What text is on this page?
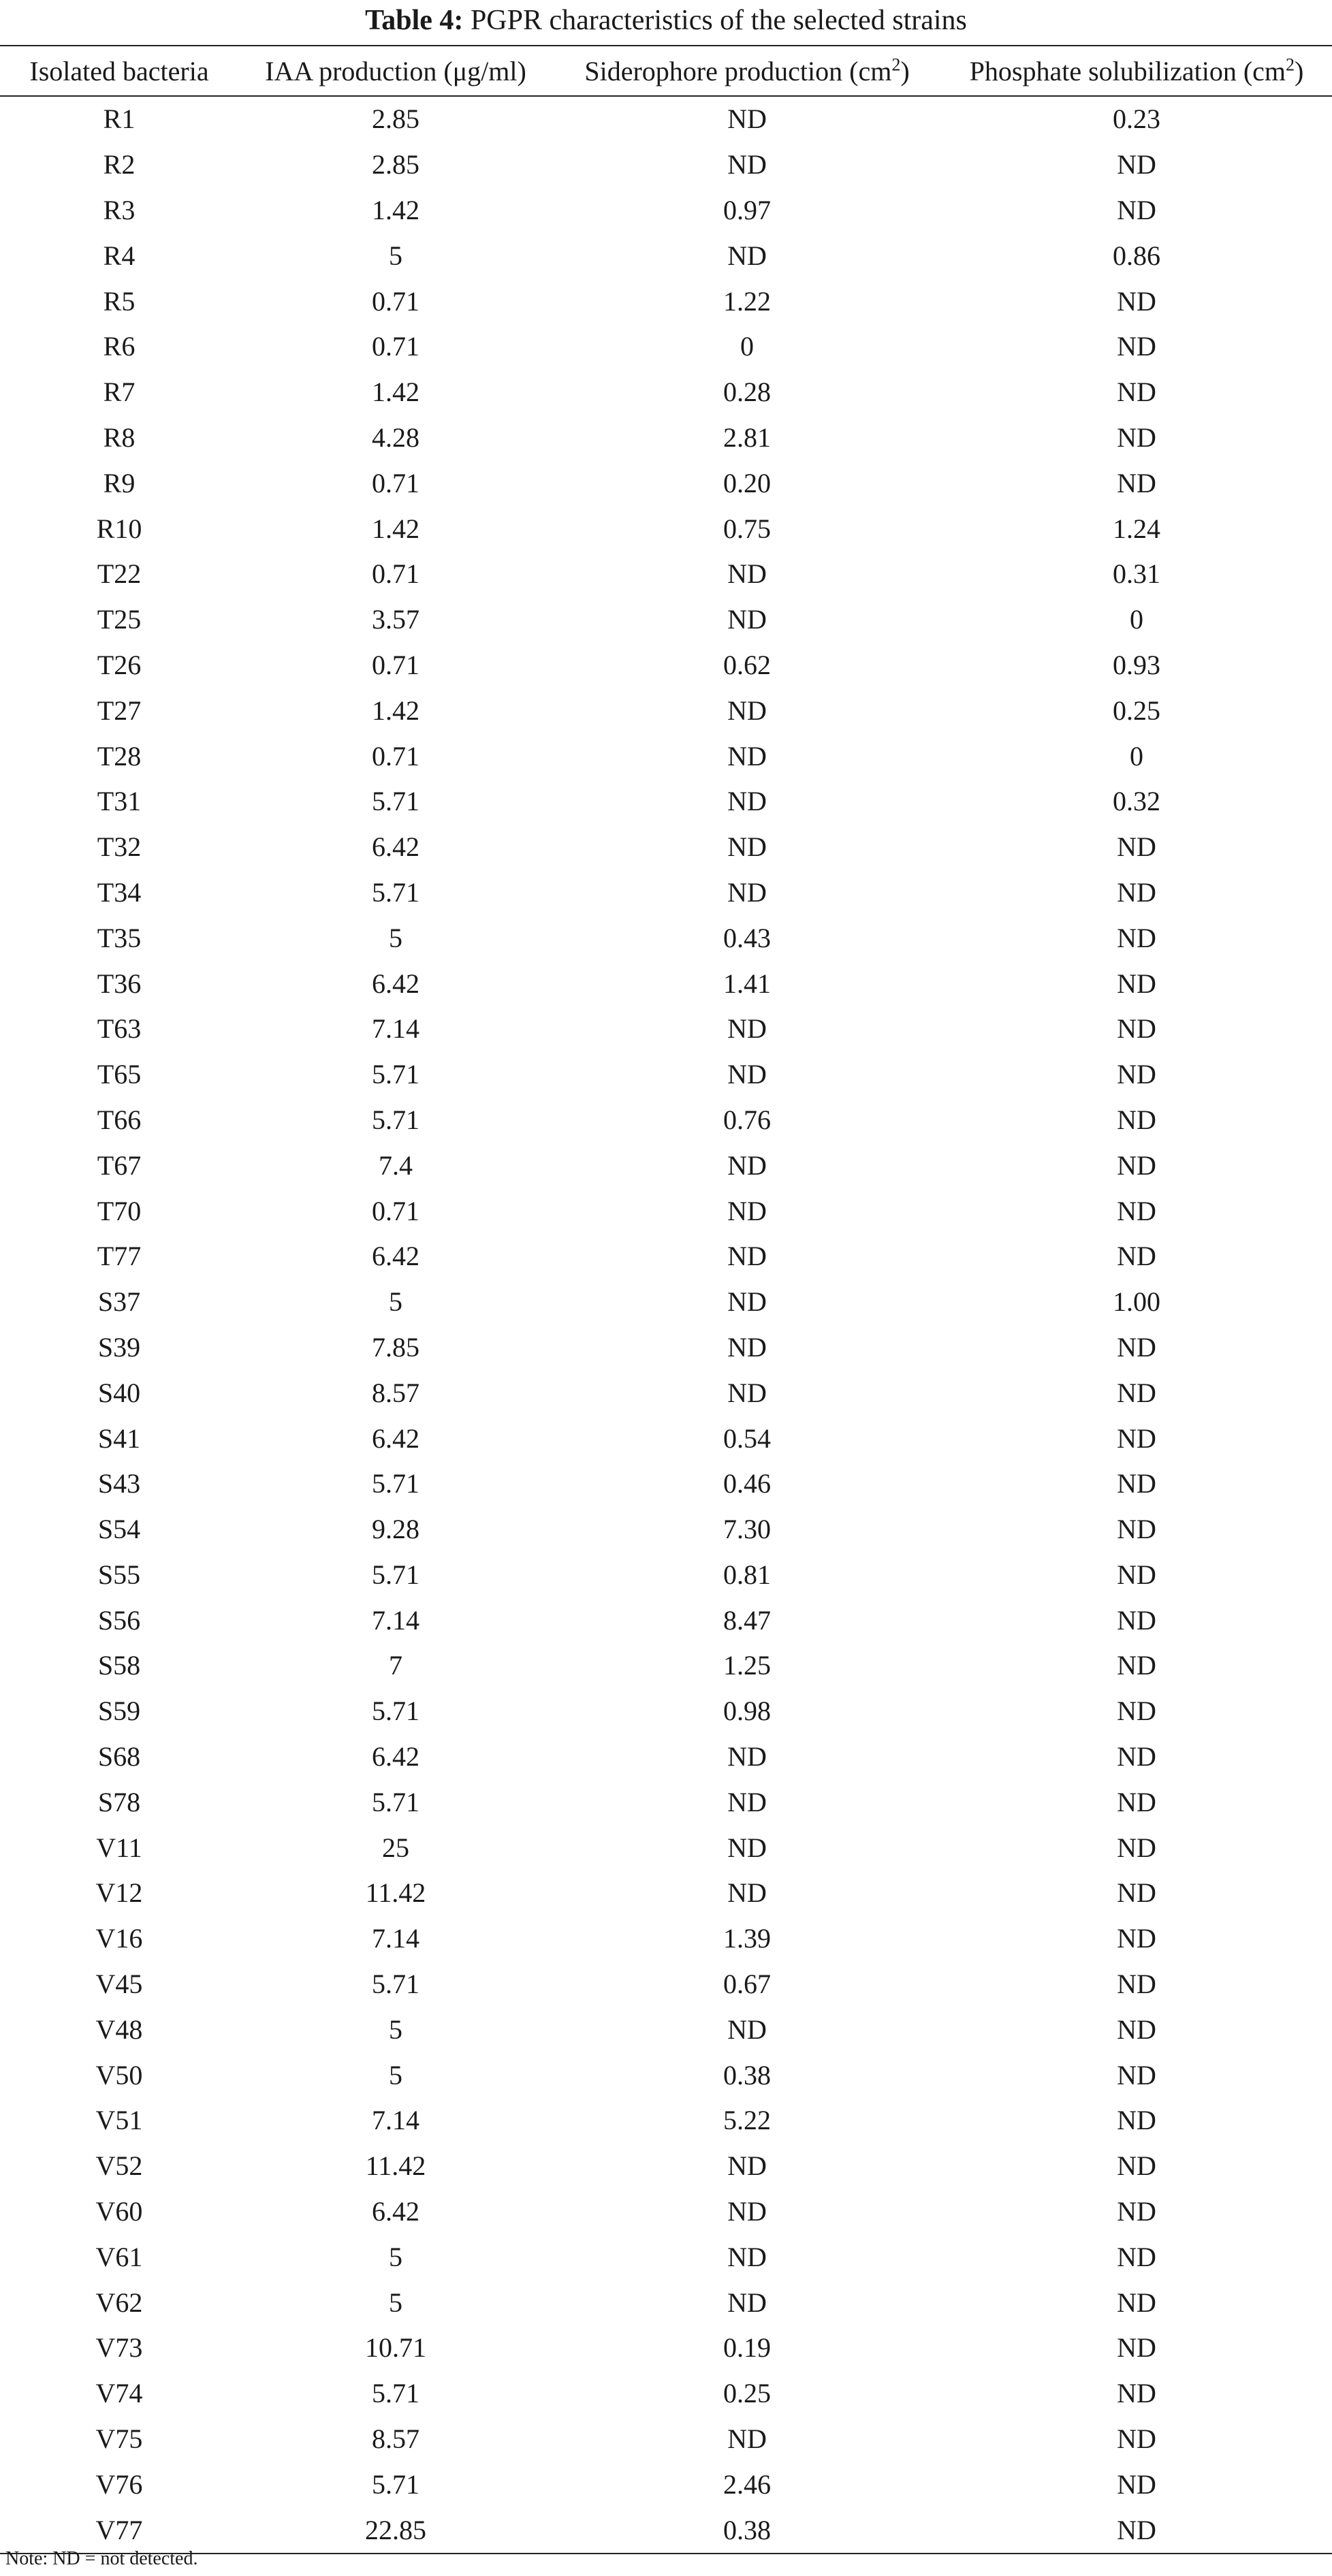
Table 4: PGPR characteristics of the selected strains
Isolated bacteria	IAA production (μg/ml)	Siderophore production $(cm^2)$	Phosphate solubilization $(cm^2)$
R1	2.85	ND	0.23
R2	2.85	ND	ND
R3	1.42	0.97	ND
R4	5	ND	0.86
R5	0.71	1.22	ND
R6	0.71	0	ND
R7	1.42	0.28	ND
R8	4.28	2.81	ND
R9	0.71	0.20	ND
R10	1.42	0.75	1.24
T22	0.71	ND	0.31
T25	3.57	ND	0
T26	0.71	0.62	0.93
T27	1.42	ND	0.25
T28	0.71	ND	0
T31	5.71	ND	0.32
T32	6.42	ND	ND
T34	5.71	ND	ND
T35	5	0.43	ND
T36	6.42	1.41	ND
T63	7.14	ND	ND
T65	5.71	ND	ND
T66	5.71	0.76	ND
T67	7.4	ND	ND
T70	0.71	ND	ND
T77	6.42	ND	ND
S37	5	ND	1.00
S39	7.85	ND	ND
S40	8.57	ND	ND
S41	6.42	0.54	ND
S43	5.71	0.46	ND
S54	9.28	7.30	ND
S55	5.71	0.81	ND
S56	7.14	8.47	ND
S58	7	1.25	ND
S59	5.71	0.98	ND
S68	6.42	ND	ND
S78	5.71	ND	ND
V11	25	ND	ND
V12	11.42	ND	ND
V16	7.14	1.39	ND
V45	5.71	0.67	ND
V48	5	ND	ND
V50	5	0.38	ND
V51	7.14	5.22	ND
V52	11.42	ND	ND
V60	6.42	ND	ND
V61	5	ND	ND
V62	5	ND	ND
V73	10.71	0.19	ND
V74	5.71	0.25	ND
V75	8.57	ND	ND
V76	5.71	2.46	ND
V77	22.85	0.38	ND
Note: ND = not detected.
